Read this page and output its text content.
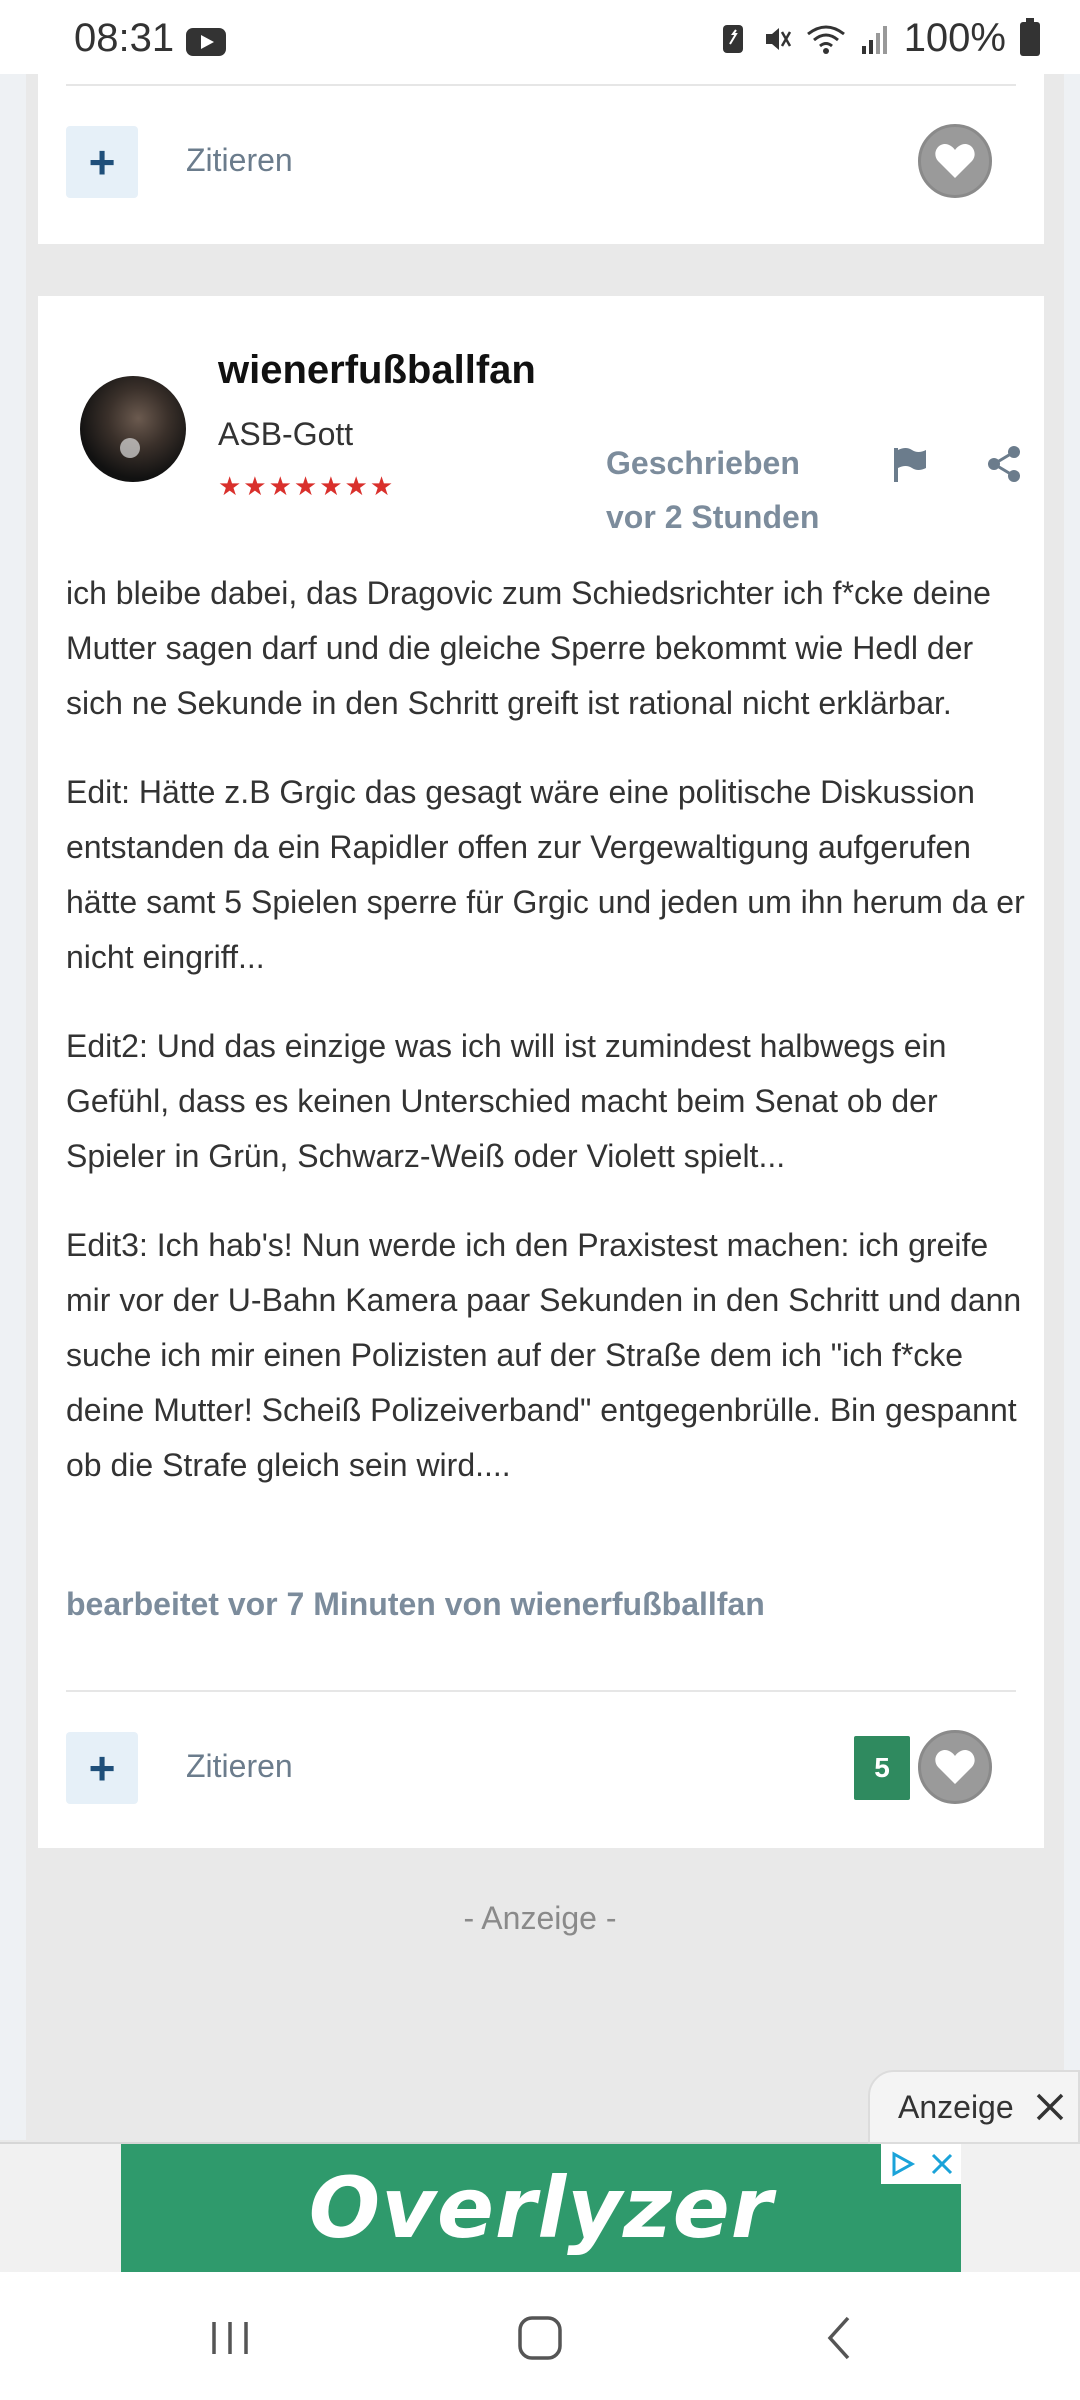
08:31	100%
+ Zitieren
wienerfußballfan
ASB-Gott
★★★★★★★
Geschrieben
vor 2 Stunden

ich bleibe dabei, das Dragovic zum Schiedsrichter ich f*cke deine Mutter sagen darf und die gleiche Sperre bekommt wie Hedl der sich ne Sekunde in den Schritt greift ist rational nicht erklärbar.

Edit: Hätte z.B Grgic das gesagt wäre eine politische Diskussion entstanden da ein Rapidler offen zur Vergewaltigung aufgerufen hätte samt 5 Spielen sperre für Grgic und jeden um ihn herum da er nicht eingriff...

Edit2: Und das einzige was ich will ist zumindest halbwegs ein Gefühl, dass es keinen Unterschied macht beim Senat ob der Spieler in Grün, Schwarz-Weiß oder Violett spielt...

Edit3: Ich hab's! Nun werde ich den Praxistest machen: ich greife mir vor der U-Bahn Kamera paar Sekunden in den Schritt und dann suche ich mir einen Polizisten auf der Straße dem ich "ich f*cke deine Mutter! Scheiß Polizeiverband" entgegenbrülle. Bin gespannt ob die Strafe gleich sein wird....

bearbeitet vor 7 Minuten von wienerfußballfan
+ Zitieren	5
- Anzeige -
Anzeige
Overlyzer
